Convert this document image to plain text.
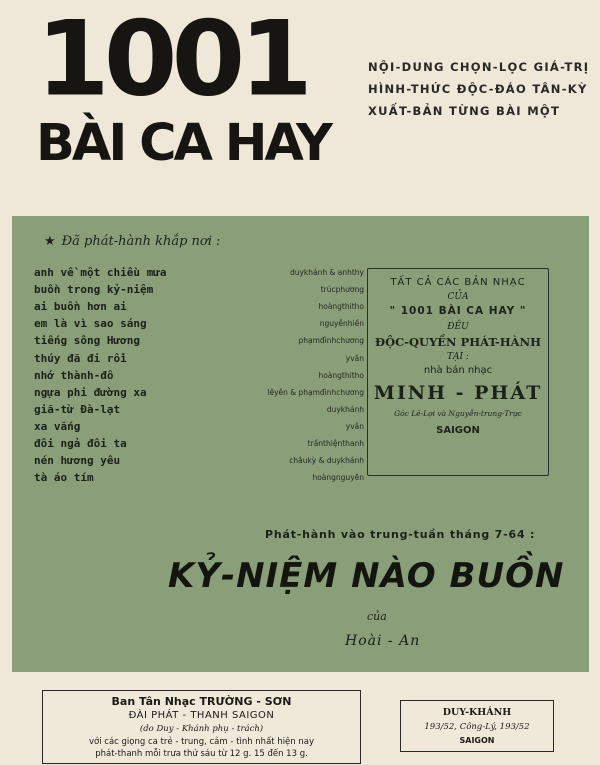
1001
BÀI CA HAY
NỘI-DUNG CHỌN-LỌC GIÁ-TRỊ
HÌNH-THỨC ĐỘC-ĐÁO TÂN-KỲ
XUẤT-BẢN TỪNG BÀI MỘT
★ Đã phát-hành khắp nơi :
anh về một chiều mưa	duykhánh & anhthy
buồn trong kỷ-niệm	trúcphương
ai buồn hơn ai	hoàngthitho
em là vì sao sáng	nguyễnhiền
tiếng sông Hương	phạmđìnhchương
thúy đã đi rồi	yvân
nhớ thành-đô	hoàngthitho
ngựa phi đường xa	lêyên & phạmđìnhchương
giã-từ Đà-lạt	duykhánh
xa vắng	yvân
đôi ngả đôi ta	trầnthiệnthanh
nén hương yêu	châukỳ & duykhánh
tà áo tím	hoàngnguyên
TẤT CẢ CÁC BẢN NHẠC
CỦA
" 1001 BÀI CA HAY "
ĐỀU
ĐỘC-QUYỀN PHÁT-HÀNH
TẠI :
nhà bán nhạc
MINH - PHÁT
Góc Lê-Lợi và Nguyễn-trung-Trực
SAIGON
Phát-hành vào trung-tuần tháng 7-64 :
KỶ-NIỆM NÀO BUỒN
của
Hoài - An
Ban Tân Nhạc TRƯỜNG - SƠN
ĐÀI PHÁT - THANH SAIGON
(do Duy - Khánh phụ - trách)
với các giọng ca trẻ - trung, cảm - tình nhất hiện nay
phát-thanh mỗi trưa thứ sáu từ 12 g. 15 đến 13 g.
DUY-KHÁNH
193/52, Công-Lý, 193/52
SAIGON
